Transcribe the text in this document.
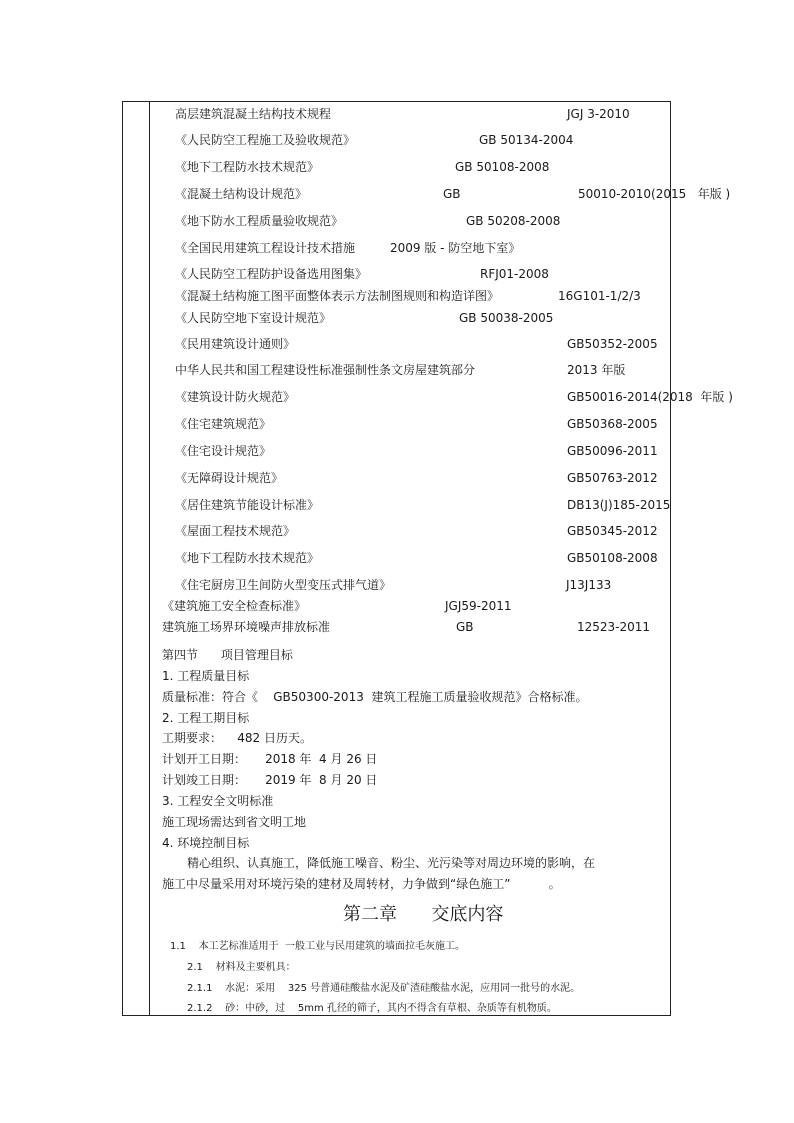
高层建筑混凝土结构技术规程	JGJ 3-2010
《人民防空工程施工及验收规范》	GB 50134-2004
《地下工程防水技术规范》	GB 50108-2008
《混凝土结构设计规范》	GB	50010-2010(2015   年版 )
《地下防水工程质量验收规范》	GB 50208-2008
《全国民用建筑工程设计技术措施	2009 版 - 防空地下室》
《人民防空工程防护设备选用图集》	RFJ01-2008
《混凝土结构施工图平面整体表示方法制图规则和构造详图》	16G101-1/2/3
《人民防空地下室设计规范》	GB 50038-2005
《民用建筑设计通则》	GB50352-2005
中华人民共和国工程建设性标准强制性条文房屋建筑部分	2013 年版
《建筑设计防火规范》	GB50016-2014(2018  年版 )
《住宅建筑规范》	GB50368-2005
《住宅设计规范》	GB50096-2011
《无障碍设计规范》	GB50763-2012
《居住建筑节能设计标准》	DB13(J)185-2015
《屋面工程技术规范》	GB50345-2012
《地下工程防水技术规范》	GB50108-2008
《住宅厨房卫生间防火型变压式排气道》	J13J133
《建筑施工安全检查标准》	JGJ59-2011
建筑施工场界环境噪声排放标准	GB	12523-2011
第四节      项目管理目标
1. 工程质量目标
质量标准：符合《    GB50300-2013  建筑工程施工质量验收规范》合格标准。
2. 工程工期目标
工期要求：    482 日历天。
计划开工日期：     2018 年  4 月 26 日
计划竣工日期：     2019 年  8 月 20 日
3. 工程安全文明标准
施工现场需达到省文明工地
4. 环境控制目标
精心组织、认真施工，降低施工噪音、粉尘、光污染等对周边环境的影响，在
施工中尽量采用对环境污染的建材及周转材，力争做到“绿色施工”          。
第二章      交底内容
1.1    本工艺标准适用于  一般工业与民用建筑的墙面拉毛灰施工。
2.1    材料及主要机具：
2.1.1    水泥：采用    325 号普通硅酸盐水泥及矿渣硅酸盐水泥，应用同一批号的水泥。
2.1.2    砂：中砂，过    5mm 孔径的筛子，其内不得含有草根、杂质等有机物质。
